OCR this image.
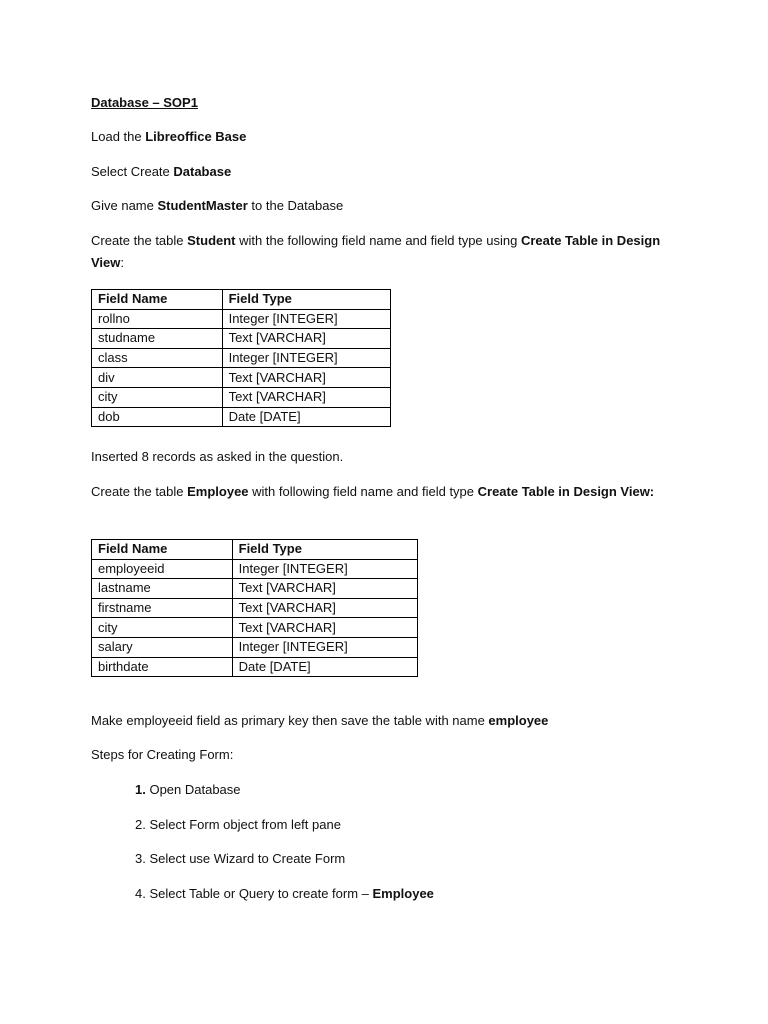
Database – SOP1

Load the Libreoffice Base

Select Create Database

Give name StudentMaster to the Database

Create the table Student with the following field name and field type using Create Table in Design View:

Field Name	Field Type
rollno	Integer [INTEGER]
studname	Text [VARCHAR]
class	Integer [INTEGER]
div	Text [VARCHAR]
city	Text [VARCHAR]
dob	Date [DATE]

Inserted 8 records as asked in the question.

Create the table Employee with following field name and field type Create Table in Design View:

Field Name	Field Type
employeeid	Integer [INTEGER]
lastname	Text [VARCHAR]
firstname	Text [VARCHAR]
city	Text [VARCHAR]
salary	Integer [INTEGER]
birthdate	Date [DATE]

Make employeeid field as primary key then save the table with name employee

Steps for Creating Form:

1. Open Database

2. Select Form object from left pane

3. Select use Wizard to Create Form

4. Select Table or Query to create form – Employee
